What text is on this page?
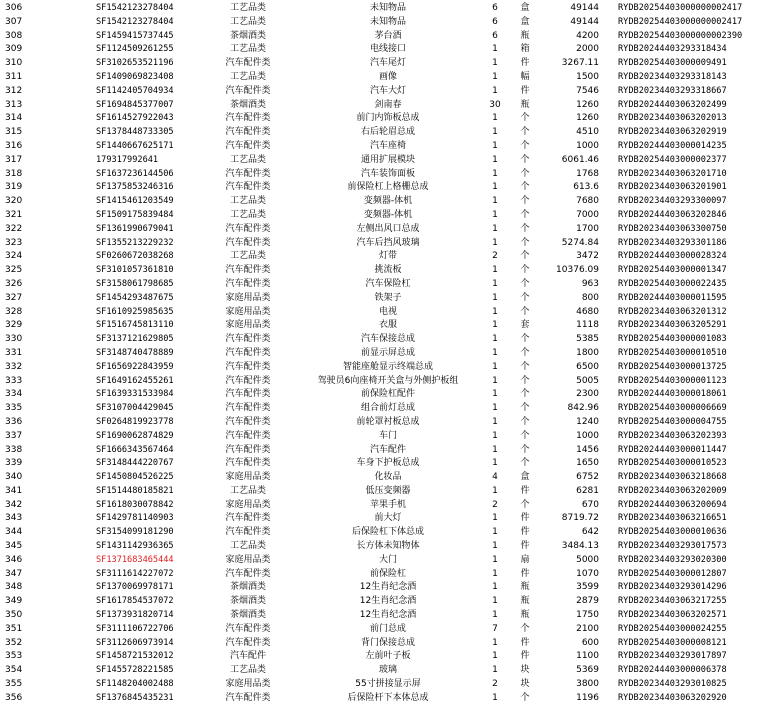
306	SF1542123278404	工艺品类	未知物品	6	盒	49144 RYDB20254403000000002417
307	SF1542123278404	工艺品类	未知物品	6	盒	49144 RYDB20254403000000002417
308	SF1459415737445	茶烟酒类	茅台酒	6	瓶	4200 RYDB20254403000000002390
309	SF1124509261255	工艺品类	电线接口	1	箱	2000 RYDB20244403293318434
310	SF3102653521196	汽车配件类	汽车尾灯	1	件	3267.11 RYDB20254403000009491
311	SF1409069823408	工艺品类	画像	1	幅	1500 RYDB20234403293318143
312	SF1142405704934	汽车配件类	汽车大灯	1	件	7546 RYDB20234403293318667
313	SF1694845377007	茶烟酒类	剑南春	30	瓶	1260 RYDB20244403063202499
314	SF1614527922043	汽车配件类	前门内饰板总成	1	个	1260 RYDB20234403063202013
315	SF1378448733305	汽车配件类	右后轮眉总成	1	个	4510 RYDB20234403063202919
316	SF1440667625171	汽车配件类	汽车座椅	1	个	1000 RYDB20244403000014235
317	179317992641	工艺品类	通用扩展模块	1	个	6061.46 RYDB20254403000002377
318	SF1637236144506	汽车配件类	汽车装饰面板	1	个	1768 RYDB20234403063201710
319	SF1375853246316	汽车配件类	前保险杠上格栅总成	1	个	613.6 RYDB20234403063201901
320	SF1415461203549	工艺品类	变频器-体机	1	个	7680 RYDB20234403293300097
321	SF1509175839484	工艺品类	变频器-体机	1	个	7000 RYDB20244403063202846
322	SF1361990679041	汽车配件类	左侧出风口总成	1	个	1700 RYDB20234403063300750
323	SF1355213229232	汽车配件类	汽车后挡风玻璃	1	个	5274.84 RYDB20234403293301186
324	SF0260672038268	工艺品类	灯带	2	个	3472 RYDB20244403000028324
325	SF3101057361810	汽车配件类	挑流板	1	个	10376.09 RYDB20254403000001347
326	SF3158061798685	汽车配件类	汽车保险杠	1	个	963 RYDB20254403000022435
327	SF1454293487675	家庭用品类	铁架子	1	个	800 RYDB20244403000011595
328	SF1610925985635	家庭用品类	电视	1	个	4680 RYDB20234403063201312
329	SF1516745813110	家庭用品类	衣服	1	套	1118 RYDB20234403063205291
330	SF3137121629805	汽车配件类	汽车保接总成	1	个	5385 RYDB20254403000001083
331	SF3148740478889	汽车配件类	前显示屏总成	1	个	1800 RYDB20254403000010510
332	SF1656922843959	汽车配件类	智能座舱显示终端总成	1	个	6500 RYDB20254403000013725
333	SF1649162455261	汽车配件类	驾驶员6向座椅开关盒与外侧护板组	1	个	5005 RYDB20254403000001123
334	SF1639331533984	汽车配件类	前保险杠配件	1	个	2300 RYDB20244403000018061
335	SF3107004429045	汽车配件类	组合前灯总成	1	个	842.96 RYDB20254403000006669
336	SF0264819923778	汽车配件类	前轮罩衬板总成	1	个	1240 RYDB20254403000004755
337	SF1690062874829	汽车配件类	车门	1	个	1000 RYDB20234403063202393
338	SF1666343567464	汽车配件类	汽车配件	1	个	1456 RYDB20244403000011447
339	SF3148444220767	汽车配件类	车身下护板总成	1	个	1650 RYDB20254403000010523
340	SF1450804526225	家庭用品类	化妆品	4	盒	6752 RYDB20234403063218668
341	SF1514480185821	工艺品类	低压变频器	1	件	6281 RYDB20234403063202009
342	SF1618030078842	家庭用品类	苹果手机	2	个	670 RYDB20244403063200694
343	SF1429781140903	汽车配件类	前大灯	1	件	8719.72 RYDB20234403063216651
344	SF3154099181290	汽车配件类	后保险杠下体总成	1	件	642 RYDB20254403000010636
345	SF1431142936365	工艺品类	长方体未知物体	1	件	3484.13 RYDB20234403293017573
346	SF1371683465444	家庭用品类	大门	1	扇	5000 RYDB20234403293020300
347	SF3111614227072	汽车配件类	前保险杠	1	件	1070 RYDB20254403000012807
348	SF1370069978171	茶烟酒类	12生肖纪念酒	1	瓶	3599 RYDB20234403293014296
349	SF1617854537072	茶烟酒类	12生肖纪念酒	1	瓶	2879 RYDB20234403063217255
350	SF1373931820714	茶烟酒类	12生肖纪念酒	1	瓶	1750 RYDB20234403063202571
351	SF3111106722706	汽车配件类	前门总成	7	个	2100 RYDB20254403000024255
352	SF3112606973914	汽车配件类	背门保接总成	1	件	600 RYDB20254403000008121
353	SF1458721532012	汽车配件	左前叶子板	1	件	1100 RYDB20234403293017897
354	SF1455728221585	工艺品类	玻璃	1	块	5369 RYDB20244403000006378
355	SF1148204002488	家庭用品类	55寸拼接显示屏	2	块	3800 RYDB20234403293010825
356	SF1376845435231	汽车配件类	后保险杆下本体总成	1	个	1196 RYDB20234403063202920
